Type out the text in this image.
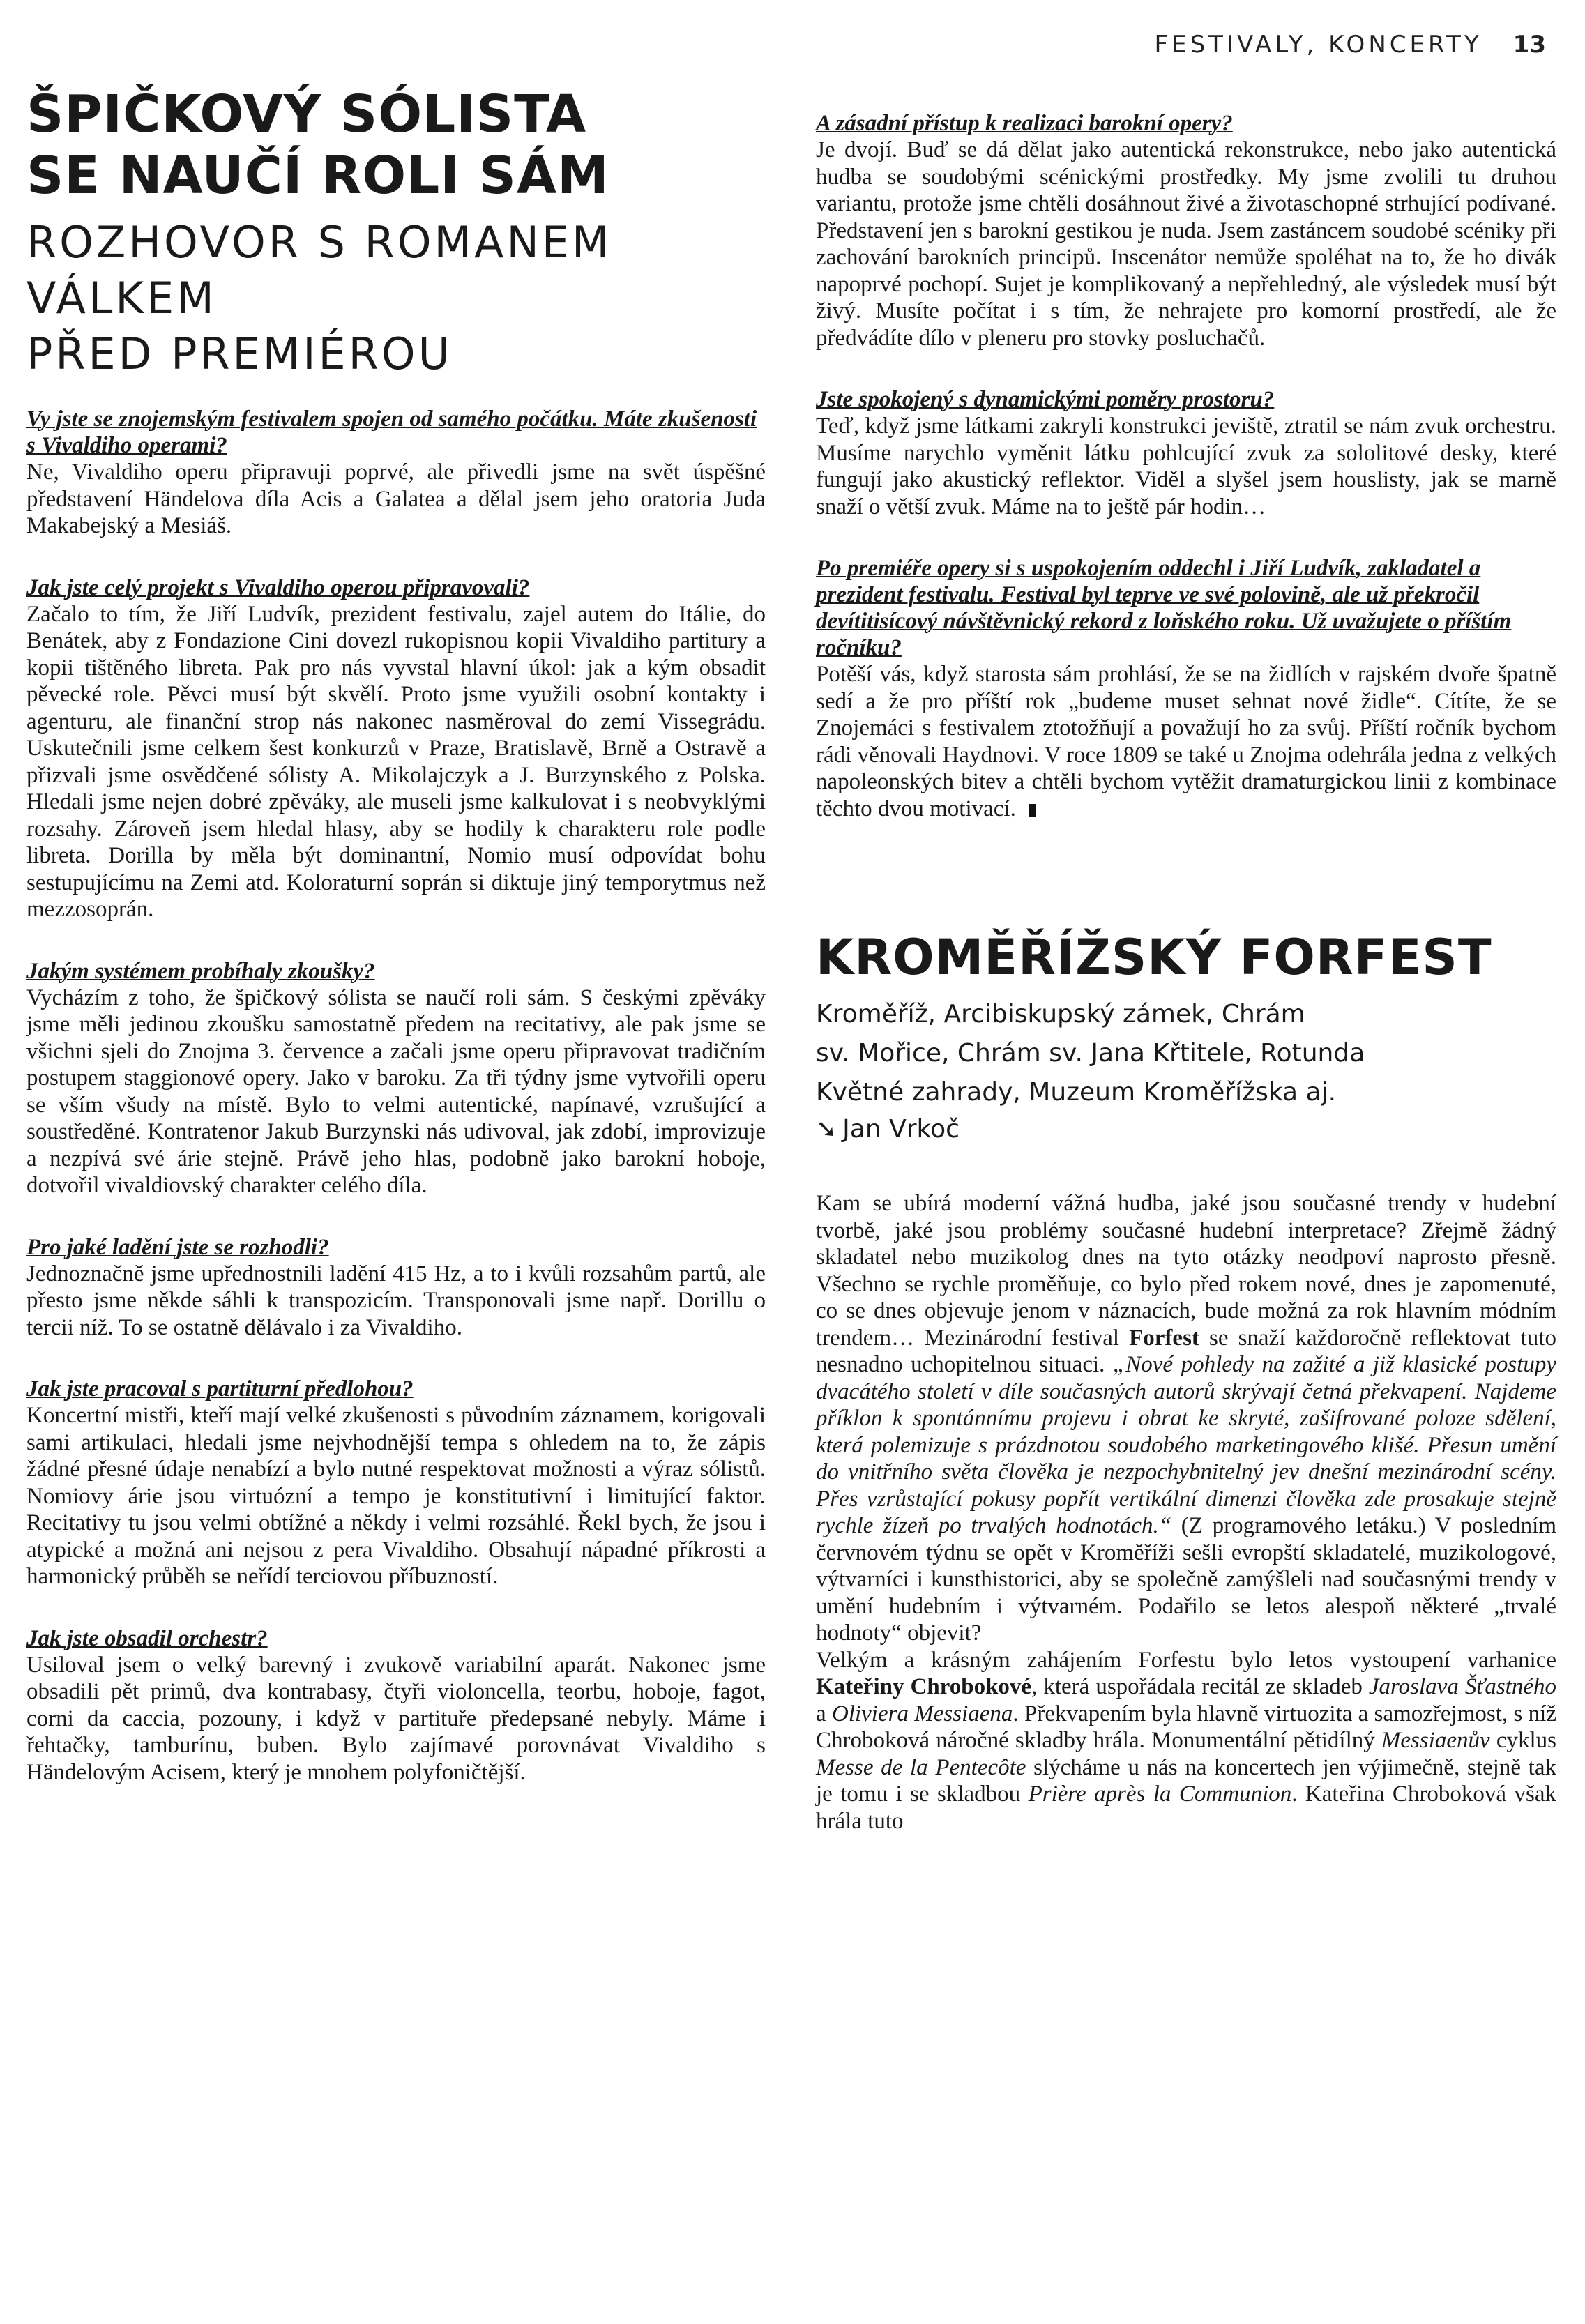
FESTIVALY, KONCERTY 13
ŠPIČKOVÝ SÓLISTA
SE NAUČÍ ROLI SÁM
ROZHOVOR S ROMANEM VÁLKEM
PŘED PREMIÉROU

Vy jste se znojemským festivalem spojen od samého počátku. Máte zkušenosti s Vivaldiho operami?

Ne, Vivaldiho operu připravuji poprvé, ale přivedli jsme na svět úspěšné představení Händelova díla Acis a Galatea a dělal jsem jeho oratoria Juda Makabejský a Mesiáš.

Jak jste celý projekt s Vivaldiho operou připravovali?

Začalo to tím, že Jiří Ludvík, prezident festivalu, zajel autem do Itálie, do Benátek, aby z Fondazione Cini dovezl rukopisnou kopii Vivaldiho partitury a kopii tištěného libreta. Pak pro nás vyvstal hlavní úkol: jak a kým obsadit pěvecké role. Pěvci musí být skvělí. Proto jsme využili osobní kontakty i agenturu, ale finanční strop nás nakonec nasměroval do zemí Vissegrádu. Uskutečnili jsme celkem šest konkurzů v Praze, Bratislavě, Brně a Ostravě a přizvali jsme osvědčené sólisty A. Mikolajczyk a J. Burzynského z Polska. Hledali jsme nejen dobré zpěváky, ale museli jsme kalkulovat i s neobvyklými rozsahy. Zároveň jsem hledal hlasy, aby se hodily k charakteru role podle libreta. Dorilla by měla být dominantní, Nomio musí odpovídat bohu sestupujícímu na Zemi atd. Koloraturní soprán si diktuje jiný temporytmus než mezzosoprán.

Jakým systémem probíhaly zkoušky?

Vycházím z toho, že špičkový sólista se naučí roli sám. S českými zpěváky jsme měli jedinou zkoušku samostatně předem na recitativy, ale pak jsme se všichni sjeli do Znojma 3. července a začali jsme operu připravovat tradičním postupem staggionové opery. Jako v baroku. Za tři týdny jsme vytvořili operu se vším všudy na místě. Bylo to velmi autentické, napínavé, vzrušující a soustředěné. Kontratenor Jakub Burzynski nás udivoval, jak zdobí, improvizuje a nezpívá své árie stejně. Právě jeho hlas, podobně jako barokní hoboje, dotvořil vivaldiovský charakter celého díla.

Pro jaké ladění jste se rozhodli?

Jednoznačně jsme upřednostnili ladění 415 Hz, a to i kvůli rozsahům partů, ale přesto jsme někde sáhli k transpozicím. Transponovali jsme např. Dorillu o tercii níž. To se ostatně dělávalo i za Vivaldiho.

Jak jste pracoval s partiturní předlohou?

Koncertní mistři, kteří mají velké zkušenosti s původním záznamem, korigovali sami artikulaci, hledali jsme nejvhodnější tempa s ohledem na to, že zápis žádné přesné údaje nenabízí a bylo nutné respektovat možnosti a výraz sólistů. Nomiovy árie jsou virtuózní a tempo je konstitutivní i limitující faktor. Recitativy tu jsou velmi obtížné a někdy i velmi rozsáhlé. Řekl bych, že jsou i atypické a možná ani nejsou z pera Vivaldiho. Obsahují nápadné příkrosti a harmonický průběh se neřídí terciovou příbuzností.

Jak jste obsadil orchestr?

Usiloval jsem o velký barevný i zvukově variabilní aparát. Nakonec jsme obsadili pět primů, dva kontrabasy, čtyři violoncella, teorbu, hoboje, fagot, corni da caccia, pozouny, i když v partituře předepsané nebyly. Máme i řehtačky, tamburínu, buben. Bylo zajímavé porovnávat Vivaldiho s Händelovým Acisem, který je mnohem polyfoničtější.

A zásadní přístup k realizaci barokní opery?

Je dvojí. Buď se dá dělat jako autentická rekonstrukce, nebo jako autentická hudba se soudobými scénickými prostředky. My jsme zvolili tu druhou variantu, protože jsme chtěli dosáhnout živé a životaschopné strhující podívané. Představení jen s barokní gestikou je nuda. Jsem zastáncem soudobé scéniky při zachování barokních principů. Inscenátor nemůže spoléhat na to, že ho divák napoprvé pochopí. Sujet je komplikovaný a nepřehledný, ale výsledek musí být živý. Musíte počítat i s tím, že nehrajete pro komorní prostředí, ale že předvádíte dílo v pleneru pro stovky posluchačů.

Jste spokojený s dynamickými poměry prostoru?

Teď, když jsme látkami zakryli konstrukci jeviště, ztratil se nám zvuk orchestru. Musíme narychlo vyměnit látku pohlcující zvuk za sololitové desky, které fungují jako akustický reflektor. Viděl a slyšel jsem houslisty, jak se marně snaží o větší zvuk. Máme na to ještě pár hodin…

Po premiéře opery si s uspokojením oddechl i Jiří Ludvík, zakladatel a prezident festivalu. Festival byl teprve ve své polovině, ale už překročil devítitisícový návštěvnický rekord z loňského roku. Už uvažujete o příštím ročníku?

Potěší vás, když starosta sám prohlásí, že se na židlích v rajském dvoře špatně sedí a že pro příští rok „budeme muset sehnat nové židle“. Cítíte, že se Znojemáci s festivalem ztotožňují a považují ho za svůj. Příští ročník bychom rádi věnovali Haydnovi. V roce 1809 se také u Znojma odehrála jedna z velkých napoleonských bitev a chtěli bychom vytěžit dramaturgickou linii z kombinace těchto dvou motivací.

KROMĚŘÍŽSKÝ FORFEST

Kroměříž, Arcibiskupský zámek, Chrám

sv. Mořice, Chrám sv. Jana Křtitele, Rotunda

Květné zahrady, Muzeum Kroměřížska aj.

➘ Jan Vrkoč

Kam se ubírá moderní vážná hudba, jaké jsou současné trendy v hudební tvorbě, jaké jsou problémy současné hudební interpretace? Zřejmě žádný skladatel nebo muzikolog dnes na tyto otázky neodpoví naprosto přesně. Všechno se rychle proměňuje, co bylo před rokem nové, dnes je zapomenuté, co se dnes objevuje jenom v náznacích, bude možná za rok hlavním módním trendem… Mezinárodní festival Forfest se snaží každoročně reflektovat tuto nesnadno uchopitelnou situaci. „Nové pohledy na zažité a již klasické postupy dvacátého století v díle současných autorů skrývají četná překvapení. Najdeme příklon k spontánnímu projevu i obrat ke skryté, zašifrované poloze sdělení, která polemizuje s prázdnotou soudobého marketingového klišé. Přesun umění do vnitřního světa člověka je nezpochybnitelný jev dnešní mezinárodní scény. Přes vzrůstající pokusy popřít vertikální dimenzi člověka zde prosakuje stejně rychle žízeň po trvalých hodnotách.“ (Z programového letáku.) V posledním červnovém týdnu se opět v Kroměříži sešli evropští skladatelé, muzikologové, výtvarníci i kunsthistorici, aby se společně zamýšleli nad současnými trendy v umění hudebním i výtvarném. Podařilo se letos alespoň některé „trvalé hodnoty“ objevit?

Velkým a krásným zahájením Forfestu bylo letos vystoupení varhanice Kateřiny Chrobokové, která uspořádala recitál ze skladeb Jaroslava Šťastného a Oliviera Messiaena. Překvapením byla hlavně virtuozita a samozřejmost, s níž Chroboková náročné skladby hrála. Monumentální pětidílný Messiaenův cyklus Messe de la Pentecôte slýcháme u nás na koncertech jen výjimečně, stejně tak je tomu i se skladbou Prière après la Communion. Kateřina Chroboková však hrála tuto
